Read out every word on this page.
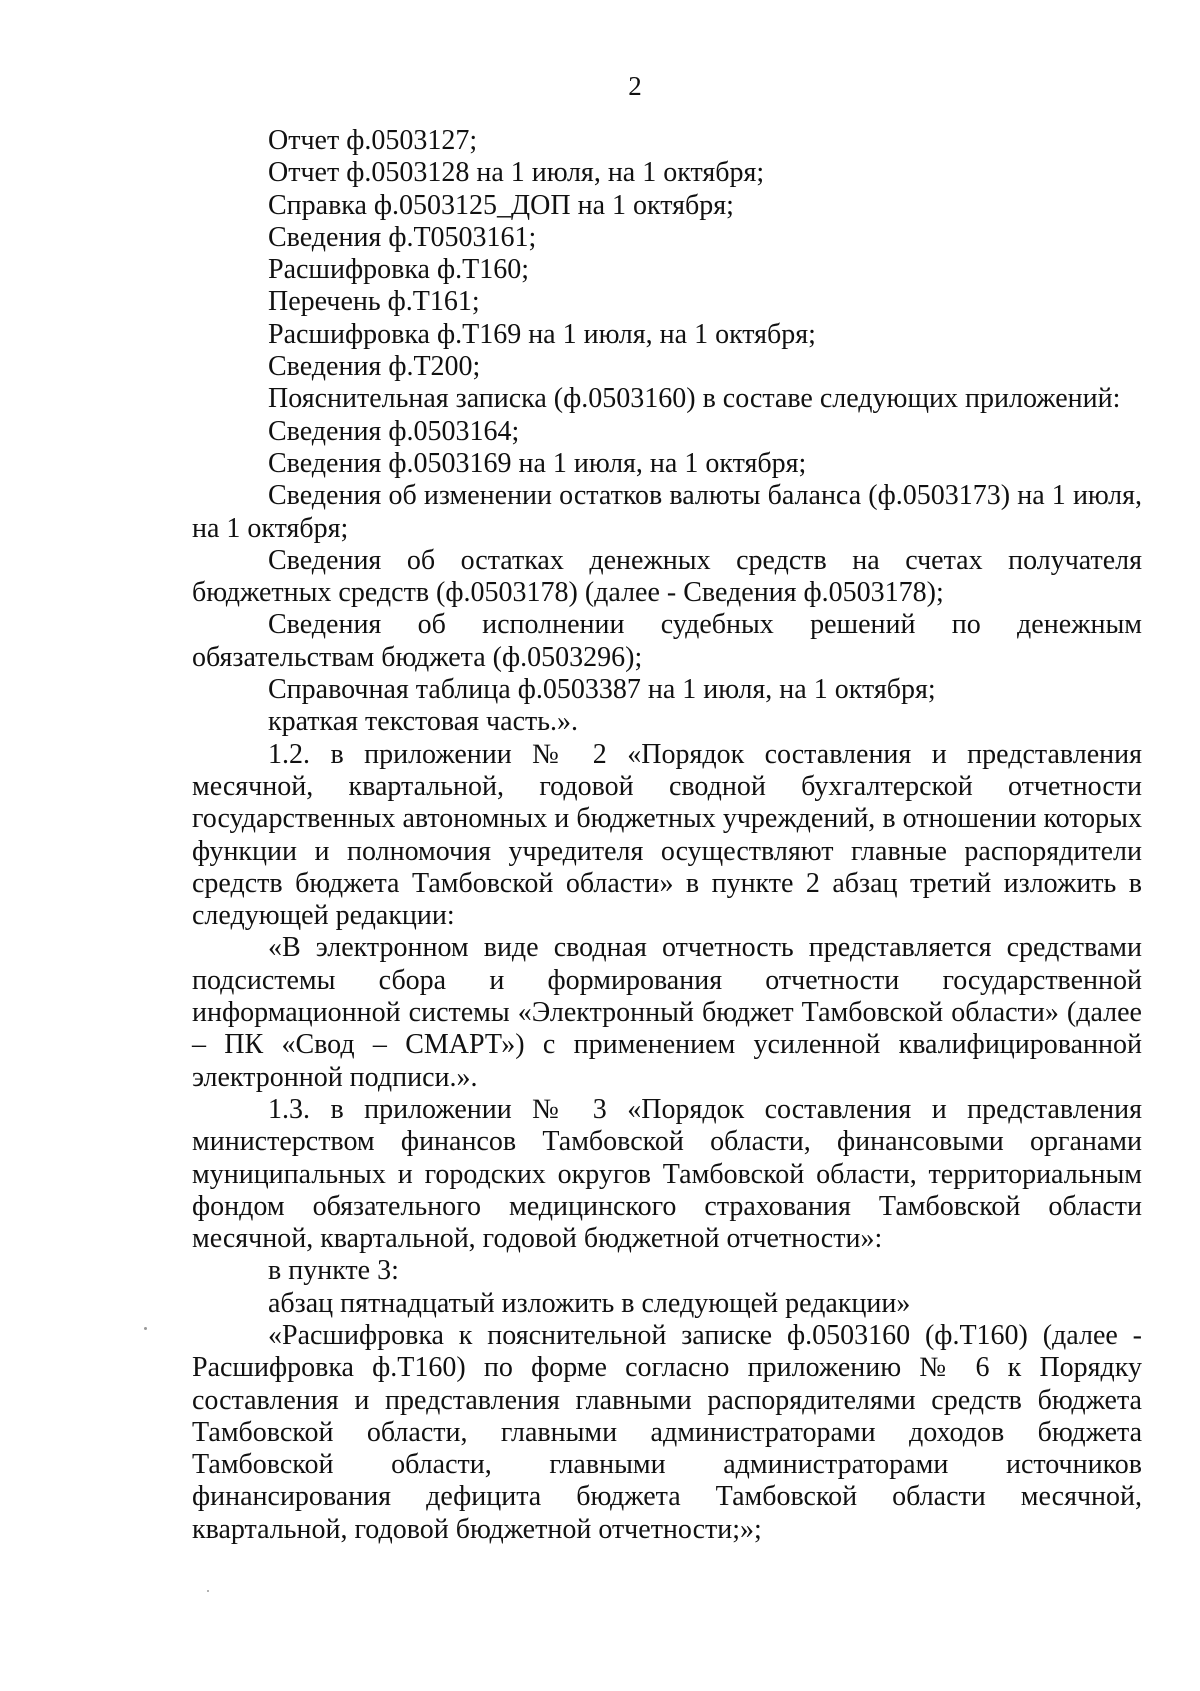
2

Отчет ф.0503127;

Отчет ф.0503128 на 1 июля, на 1 октября;

Справка ф.0503125_ДОП на 1 октября;

Сведения ф.Т0503161;

Расшифровка ф.Т160;

Перечень ф.Т161;

Расшифровка ф.Т169 на 1 июля, на 1 октября;

Сведения ф.Т200;

Пояснительная записка (ф.0503160) в составе следующих приложений:

Сведения ф.0503164;

Сведения ф.0503169 на 1 июля, на 1 октября;

Сведения об изменении остатков валюты баланса (ф.0503173) на 1 июля, на 1 октября;

Сведения об остатках денежных средств на счетах получателя бюджетных средств (ф.0503178) (далее - Сведения ф.0503178);

Сведения об исполнении судебных решений по денежным обязательствам бюджета (ф.0503296);

Справочная таблица ф.0503387 на 1 июля, на 1 октября;

краткая текстовая часть.».

1.2. в приложении № 2 «Порядок составления и представления месячной, квартальной, годовой сводной бухгалтерской отчетности государственных автономных и бюджетных учреждений, в отношении которых функции и полномочия учредителя осуществляют главные распорядители средств бюджета Тамбовской области» в пункте 2 абзац третий изложить в следующей редакции:

«В электронном виде сводная отчетность представляется средствами подсистемы сбора и формирования отчетности государственной информационной системы «Электронный бюджет Тамбовской области» (далее – ПК «Свод – СМАРТ») с применением усиленной квалифицированной электронной подписи.».

1.3. в приложении № 3 «Порядок составления и представления министерством финансов Тамбовской области, финансовыми органами муниципальных и городских округов Тамбовской области, территориальным фондом обязательного медицинского страхования Тамбовской области месячной, квартальной, годовой бюджетной отчетности»:

в пункте 3:

абзац пятнадцатый изложить в следующей редакции»

«Расшифровка к пояснительной записке ф.0503160 (ф.Т160) (далее - Расшифровка ф.Т160) по форме согласно приложению № 6 к Порядку составления и представления главными распорядителями средств бюджета Тамбовской области, главными администраторами доходов бюджета Тамбовской области, главными администраторами источников финансирования дефицита бюджета Тамбовской области месячной, квартальной, годовой бюджетной отчетности;»;
